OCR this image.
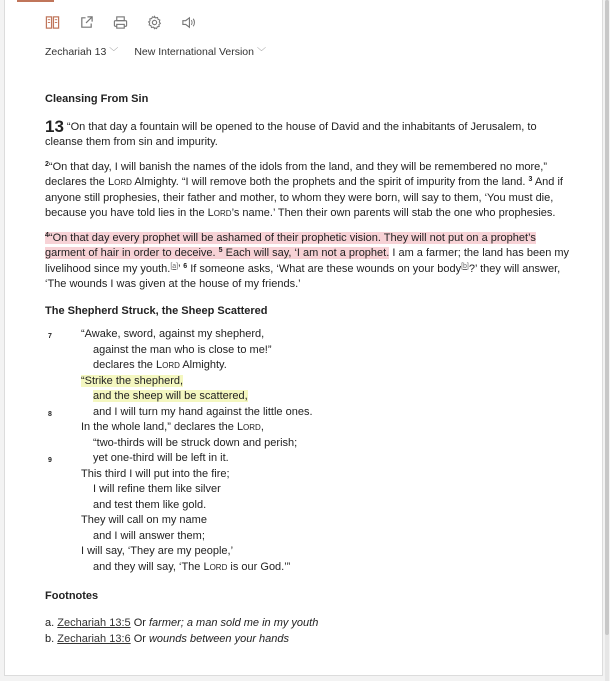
Zechariah 13 ﹀ New International Version ﹀

Cleansing From Sin

13 “On that day a fountain will be opened to the house of David and the inhabitants of Jerusalem, to cleanse them from sin and impurity.

$^2$“On that day, I will banish the names of the idols from the land, and they will be remembered no more,” declares the Lord Almighty. “I will remove both the prophets and the spirit of impurity from the land. $^3$ And if anyone still prophesies, their father and mother, to whom they were born, will say to them, ‘You must die, because you have told lies in the Lord’s name.’ Then their own parents will stab the one who prophesies.

$^4$“On that day every prophet will be ashamed of their prophetic vision. They will not put on a prophet’s garment of hair in order to deceive. $^5$ Each will say, ‘I am not a prophet. I am a farmer; the land has been my livelihood since my youth.[a]’ $^6$ If someone asks, ‘What are these wounds on your body[b]?’ they will answer, ‘The wounds I was given at the house of my friends.’

The Shepherd Struck, the Sheep Scattered

7
8
9
“Awake, sword, against my shepherd,
against the man who is close to me!”
declares the Lord Almighty.
“Strike the shepherd,
and the sheep will be scattered,
and I will turn my hand against the little ones.
In the whole land,” declares the Lord,
“two-thirds will be struck down and perish;
yet one-third will be left in it.
This third I will put into the fire;
I will refine them like silver
and test them like gold.
They will call on my name
and I will answer them;
I will say, ‘They are my people,’
and they will say, ‘The Lord is our God.’”

Footnotes

a. Zechariah 13:5 Or farmer; a man sold me in my youth

b. Zechariah 13:6 Or wounds between your hands
